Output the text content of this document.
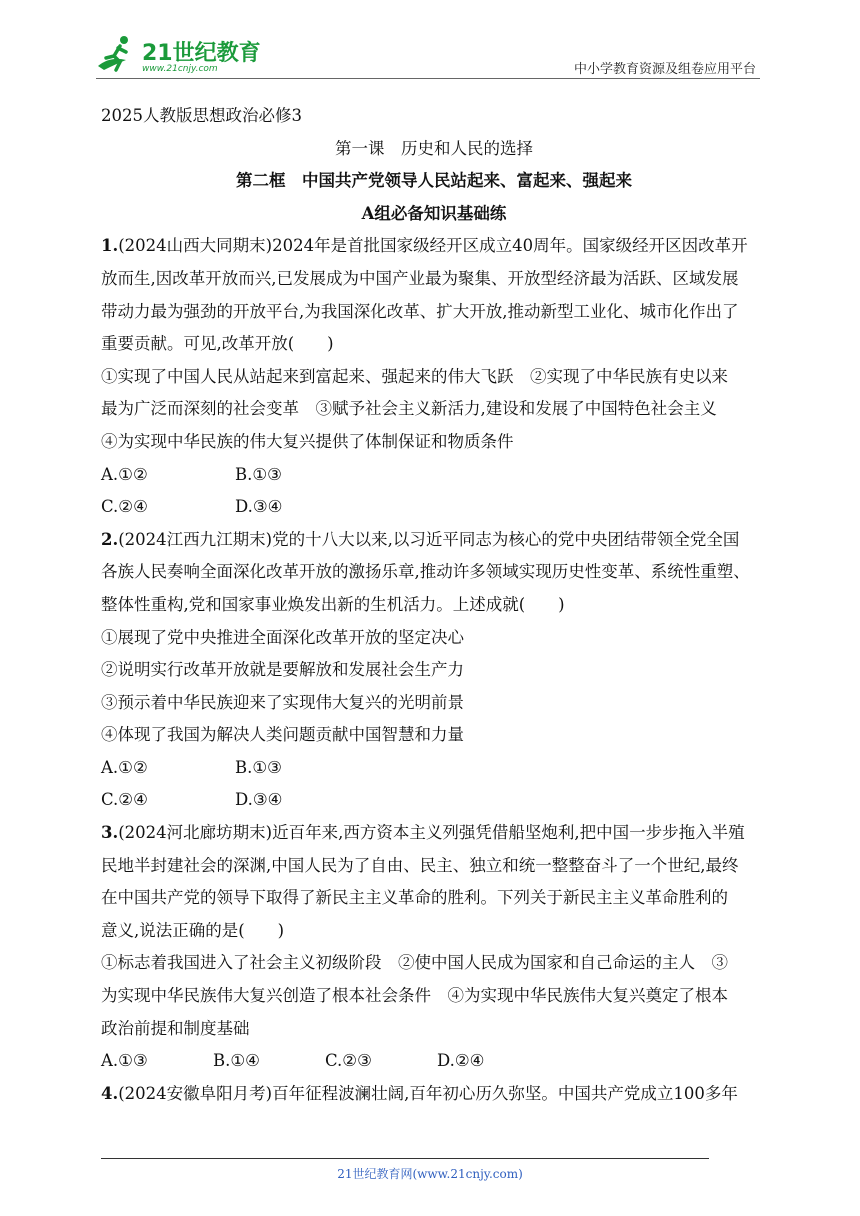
21世纪教育
www.21cnjy.com	中小学教育资源及组卷应用平台
2025人教版思想政治必修3
第一课　历史和人民的选择
第二框　中国共产党领导人民站起来、富起来、强起来
A组必备知识基础练
1.(2024山西大同期末)2024年是首批国家级经开区成立40周年。国家级经开区因改革开
放而生,因改革开放而兴,已发展成为中国产业最为聚集、开放型经济最为活跃、区域发展
带动力最为强劲的开放平台,为我国深化改革、扩大开放,推动新型工业化、城市化作出了
重要贡献。可见,改革开放(　　)
①实现了中国人民从站起来到富起来、强起来的伟大飞跃　②实现了中华民族有史以来
最为广泛而深刻的社会变革　③赋予社会主义新活力,建设和发展了中国特色社会主义
④为实现中华民族的伟大复兴提供了体制保证和物质条件
A.①②	B.①③
C.②④	D.③④
2.(2024江西九江期末)党的十八大以来,以习近平同志为核心的党中央团结带领全党全国
各族人民奏响全面深化改革开放的激扬乐章,推动许多领域实现历史性变革、系统性重塑、
整体性重构,党和国家事业焕发出新的生机活力。上述成就(　　)
①展现了党中央推进全面深化改革开放的坚定决心
②说明实行改革开放就是要解放和发展社会生产力
③预示着中华民族迎来了实现伟大复兴的光明前景
④体现了我国为解决人类问题贡献中国智慧和力量
A.①②	B.①③
C.②④	D.③④
3.(2024河北廊坊期末)近百年来,西方资本主义列强凭借船坚炮利,把中国一步步拖入半殖
民地半封建社会的深渊,中国人民为了自由、民主、独立和统一整整奋斗了一个世纪,最终
在中国共产党的领导下取得了新民主主义革命的胜利。下列关于新民主主义革命胜利的
意义,说法正确的是(　　)
①标志着我国进入了社会主义初级阶段　②使中国人民成为国家和自己命运的主人　③
为实现中华民族伟大复兴创造了根本社会条件　④为实现中华民族伟大复兴奠定了根本
政治前提和制度基础
A.①③	B.①④	C.②③	D.②④
4.(2024安徽阜阳月考)百年征程波澜壮阔,百年初心历久弥坚。中国共产党成立100多年
21世纪教育网(www.21cnjy.com)
